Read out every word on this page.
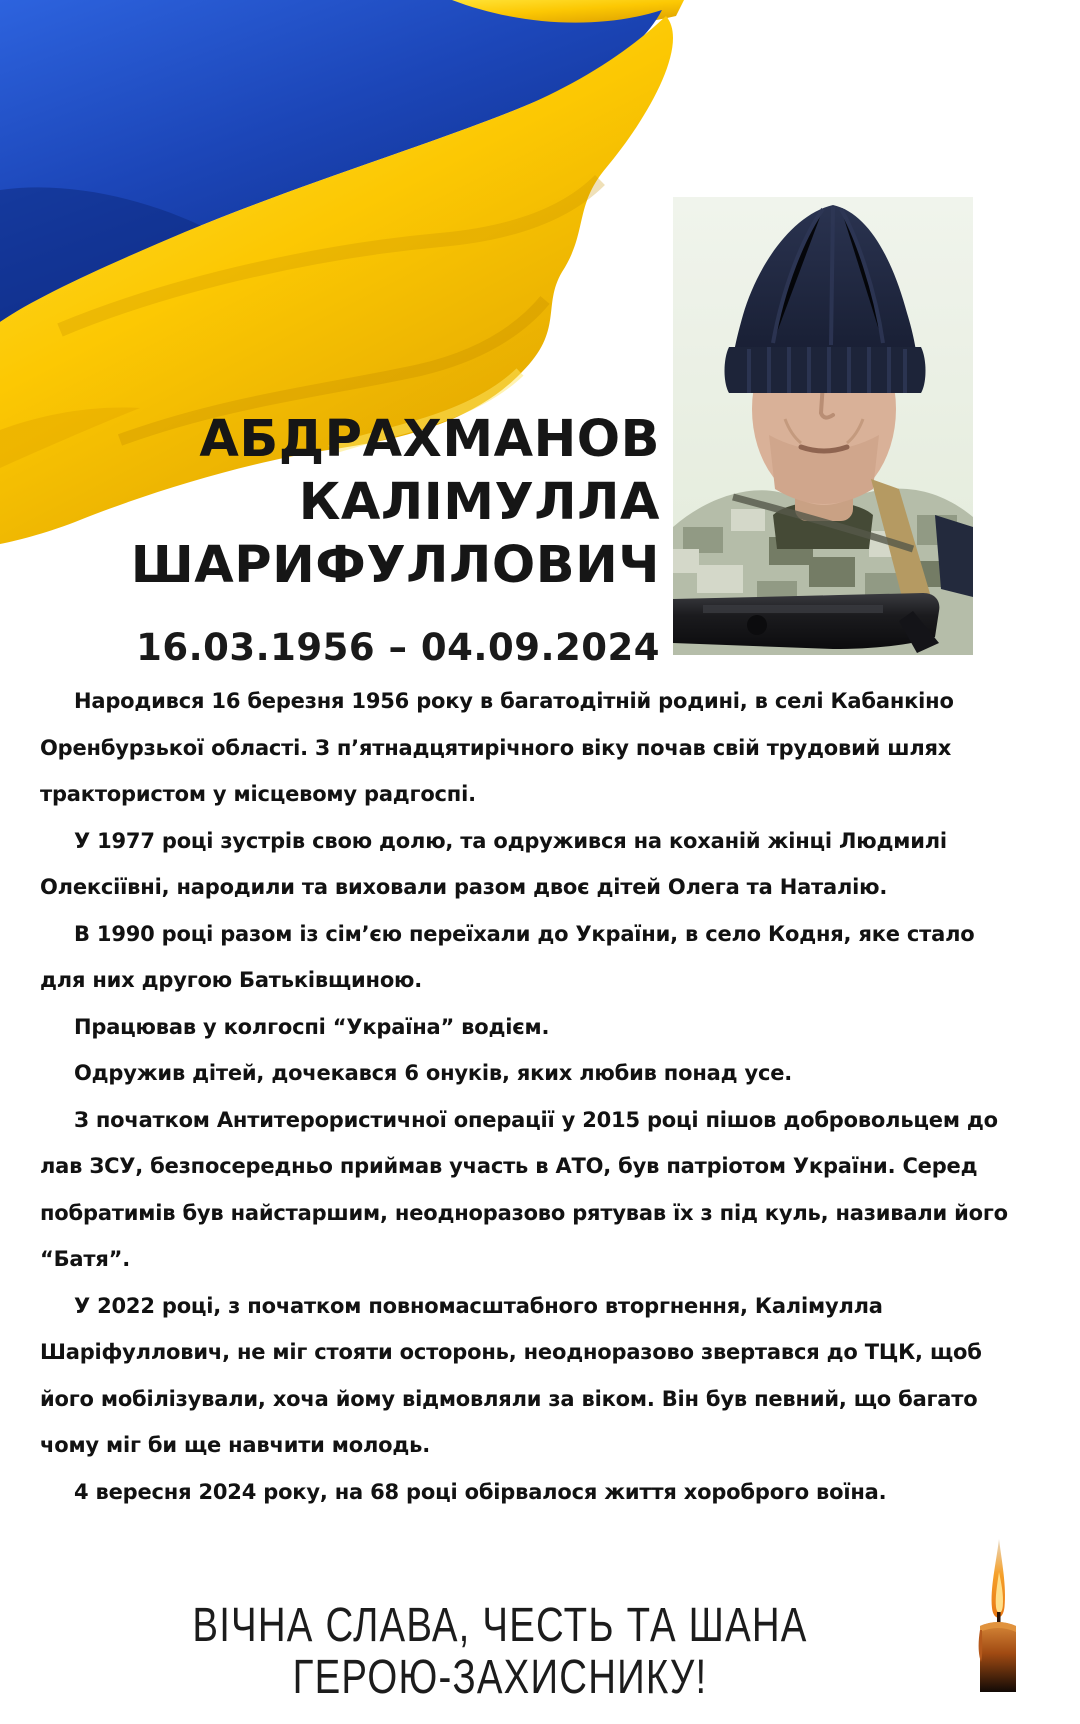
АБДРАХМАНОВ
КАЛІМУЛЛА
ШАРИФУЛЛОВИЧ
16.03.1956 – 04.09.2024

Народився 16 березня 1956 року в багатодітній родині, в селі Кабанкіно Оренбурзької області. З п’ятнадцятирічного віку почав свій трудовий шлях трактористом у місцевому радгоспі.

У 1977 році зустрів свою долю, та одружився на коханій жінці Людмилі Олексіївні, народили та виховали разом двоє дітей Олега та Наталію.

В 1990 році разом із сім’єю переїхали до України, в село Кодня, яке стало для них другою Батьківщиною.

Працював у колгоспі “Україна” водієм.

Одружив дітей, дочекався 6 онуків, яких любив понад усе.

З початком Антитерористичної операції у 2015 році пішов добровольцем до лав ЗСУ, безпосередньо приймав участь в АТО, був патріотом України. Серед побратимів був найстаршим, неодноразово рятував їх з під куль, називали його “Батя”.

У 2022 році, з початком повномасштабного вторгнення, Калімулла Шаріфуллович, не міг стояти осторонь, неодноразово звертався до ТЦК, щоб його мобілізували, хоча йому відмовляли за віком. Він був певний, що багато чому міг би ще навчити молодь.

4 вересня 2024 року, на 68 році обірвалося життя хороброго воїна.

ВІЧНА СЛАВА, ЧЕСТЬ ТА ШАНА
ГЕРОЮ-ЗАХИСНИКУ!
